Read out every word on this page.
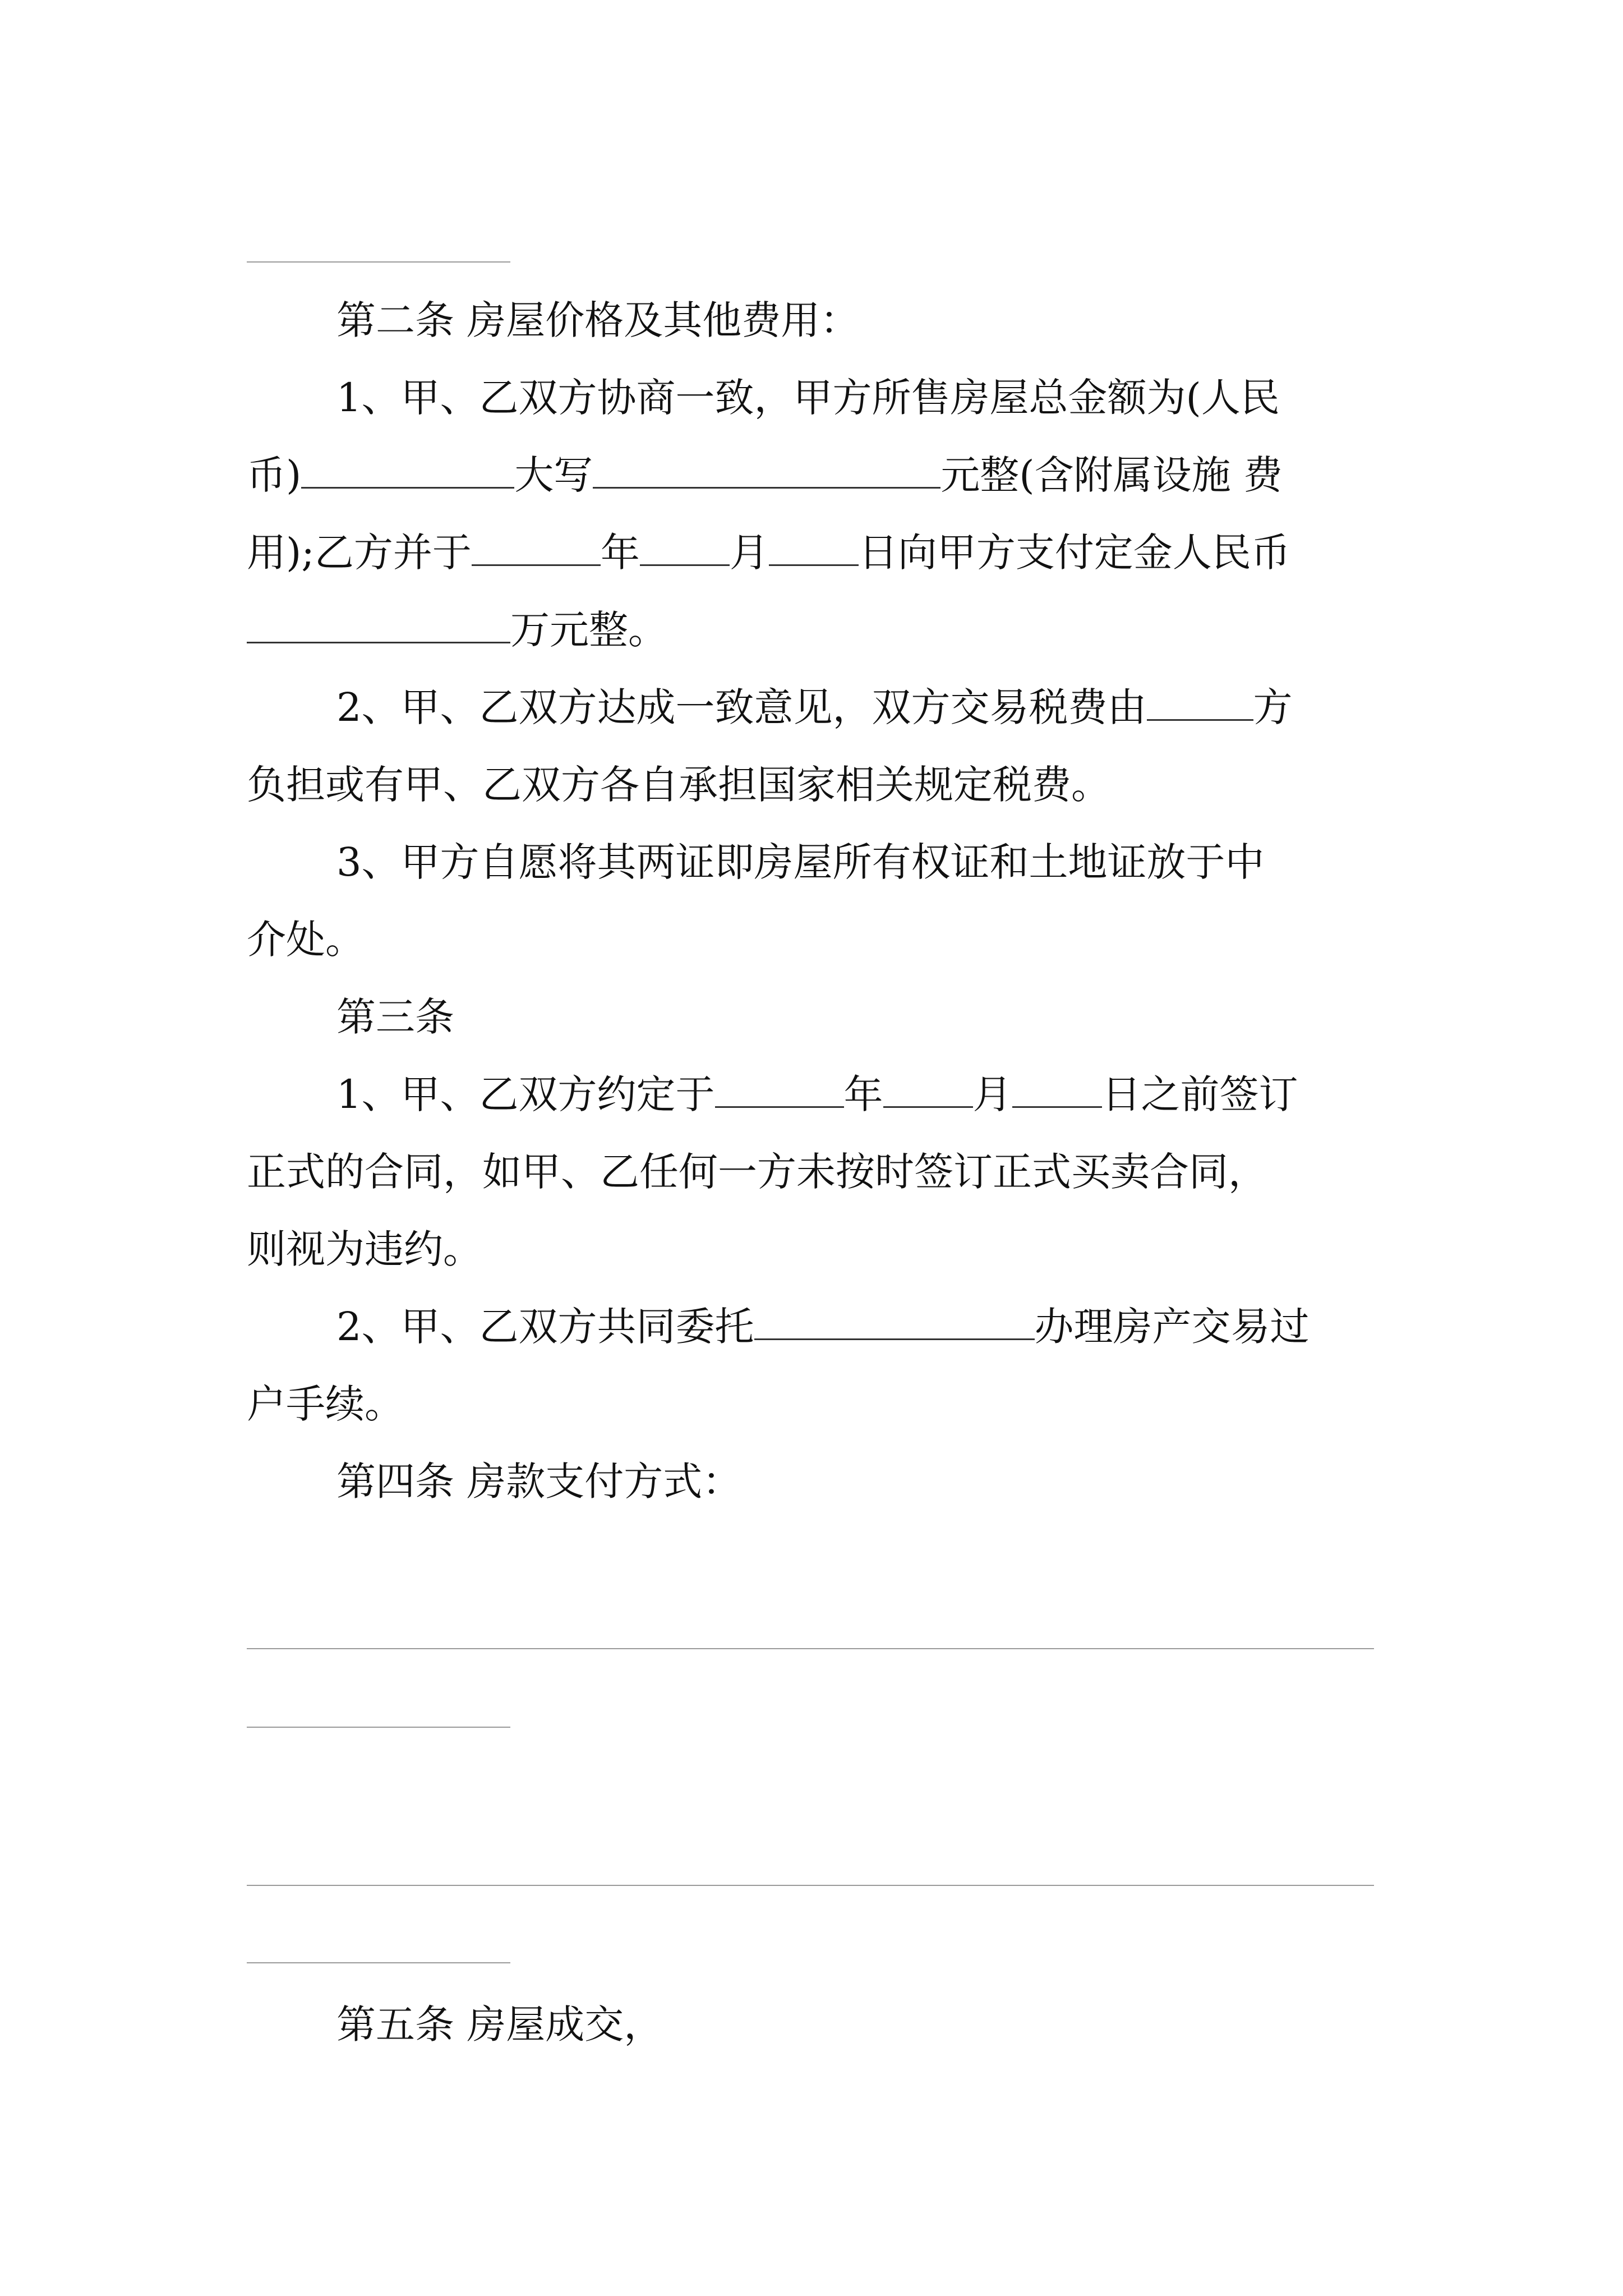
第二条 房屋价格及其他费用：
1、甲、乙双方协商一致，甲方所售房屋总金额为(人民
币)	大写	元整(含附属设施 费
用);乙方并于	年 月 日向甲方支付定金人民币
万元整。
2、甲、乙双方达成一致意见，双方交易税费由	方
负担或有甲、乙双方各自承担国家相关规定税费。
3、甲方自愿将其两证即房屋所有权证和土地证放于中
介处。
第三条
1、甲、乙双方约定于	年 月 日之前签订
正式的合同，如甲、乙任何一方未按时签订正式买卖合同，
则视为违约。
2、甲、乙双方共同委托	办理房产交易过
户手续。
第四条 房款支付方式：
第五条 房屋成交，
